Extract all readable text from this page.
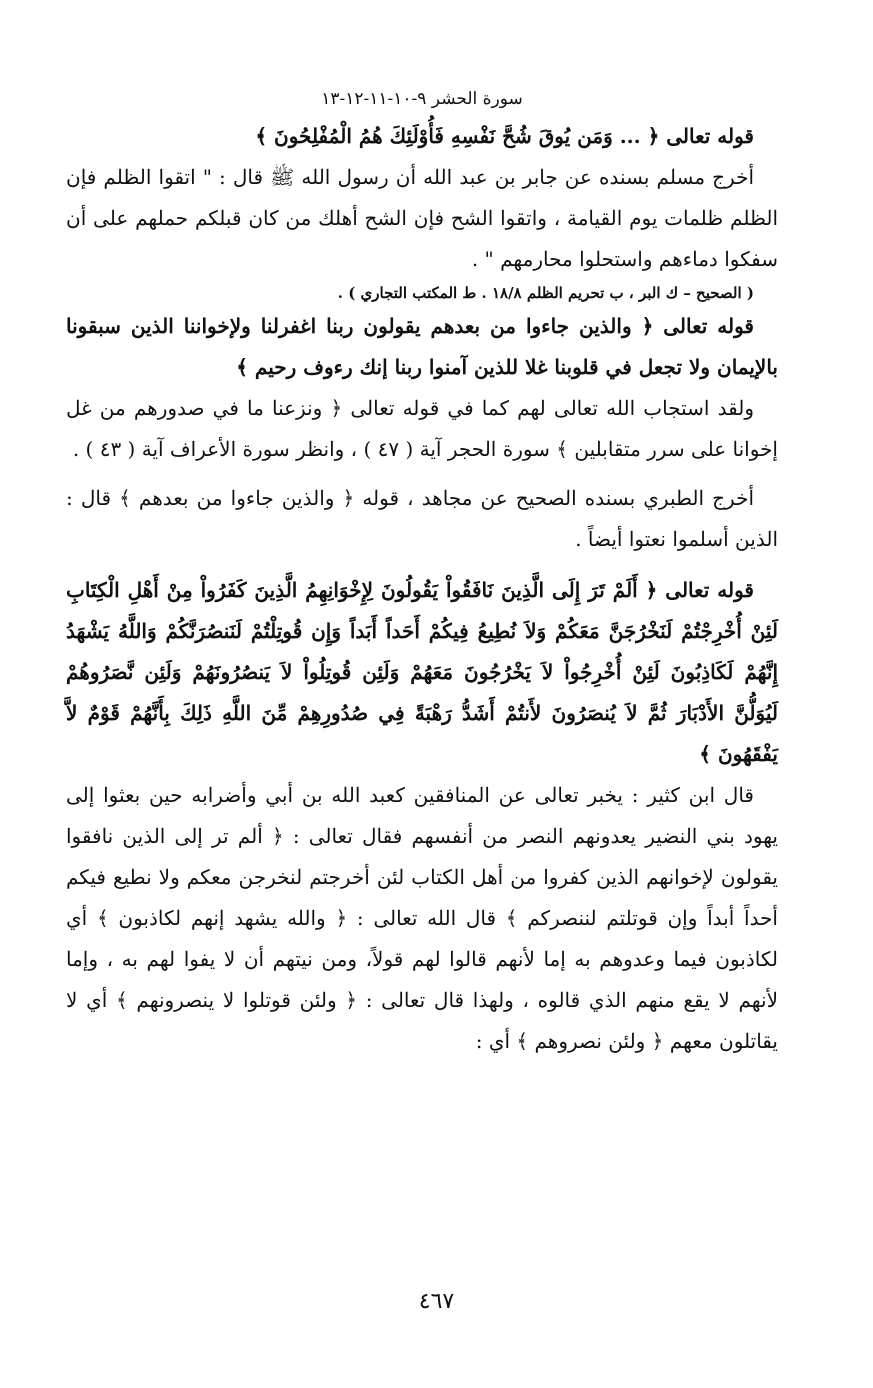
سورة الحشر ٩-١٠-١١-١٢-١٣

قوله تعالى ﴿ ... وَمَن يُوقَ شُحَّ نَفْسِهِ فَأُوْلَئِكَ هُمُ الْمُفْلِحُونَ ﴾

أخرج مسلم بسنده عن جابر بن عبد الله أن رسول الله ﷺ قال : " اتقوا الظلم فإن الظلم ظلمات يوم القيامة ، واتقوا الشح فإن الشح أهلك من كان قبلكم حملهم على أن سفكوا دماءهم واستحلوا محارمهم " .

( الصحيح – ك البر ، ب تحريم الظلم ١٨/٨ . ط المكتب التجاري ) .

قوله تعالى ﴿ والذين جاءوا من بعدهم يقولون ربنا اغفرلنا ولإخواننا الذين سبقونا بالإيمان ولا تجعل في قلوبنا غلا للذين آمنوا ربنا إنك رءوف رحيم ﴾

ولقد استجاب الله تعالى لهم كما في قوله تعالى ﴿ ونزعنا ما في صدورهم من غل إخوانا على سرر متقابلين ﴾ سورة الحجر آية ( ٤٧ ) ، وانظر سورة الأعراف آية ( ٤٣ ) .

أخرج الطبري بسنده الصحيح عن مجاهد ، قوله ﴿ والذين جاءوا من بعدهم ﴾ قال : الذين أسلموا نعتوا أيضاً .

قوله تعالى ﴿ أَلَمْ تَرَ إِلَى الَّذِينَ نَافَقُواْ يَقُولُونَ لِإِخْوَانِهِمُ الَّذِينَ كَفَرُواْ مِنْ أَهْلِ الْكِتَابِ لَئِنْ أُخْرِجْتُمْ لَنَخْرُجَنَّ مَعَكُمْ وَلاَ نُطِيعُ فِيكُمْ أَحَداً أَبَداً وَإِن قُوتِلْتُمْ لَنَنصُرَنَّكُمْ وَاللَّهُ يَشْهَدُ إِنَّهُمْ لَكَاذِبُونَ لَئِنْ أُخْرِجُواْ لاَ يَخْرُجُونَ مَعَهُمْ وَلَئِن قُوتِلُواْ لاَ يَنصُرُونَهُمْ وَلَئِن نَّصَرُوهُمْ لَيُوَلُّنَّ الأَدْبَارَ ثُمَّ لاَ يُنصَرُونَ لأَنتُمْ أَشَدُّ رَهْبَةً فِي صُدُورِهِمْ مِّنَ اللَّهِ ذَلِكَ بِأَنَّهُمْ قَوْمٌ لاَّ يَفْقَهُونَ ﴾

قال ابن كثير : يخبر تعالى عن المنافقين كعبد الله بن أبي وأضرابه حين بعثوا إلى يهود بني النضير يعدونهم النصر من أنفسهم فقال تعالى : ﴿ ألم تر إلى الذين نافقوا يقولون لإخوانهم الذين كفروا من أهل الكتاب لئن أخرجتم لنخرجن معكم ولا نطيع فيكم أحداً أبداً وإن قوتلتم لننصركم ﴾ قال الله تعالى : ﴿ والله يشهد إنهم لكاذبون ﴾ أي لكاذبون فيما وعدوهم به إما لأنهم قالوا لهم قولاً، ومن نيتهم أن لا يفوا لهم به ، وإما لأنهم لا يقع منهم الذي قالوه ، ولهذا قال تعالى : ﴿ ولئن قوتلوا لا ينصرونهم ﴾ أي لا يقاتلون معهم ﴿ ولئن نصروهم ﴾ أي :

٤٦٧
